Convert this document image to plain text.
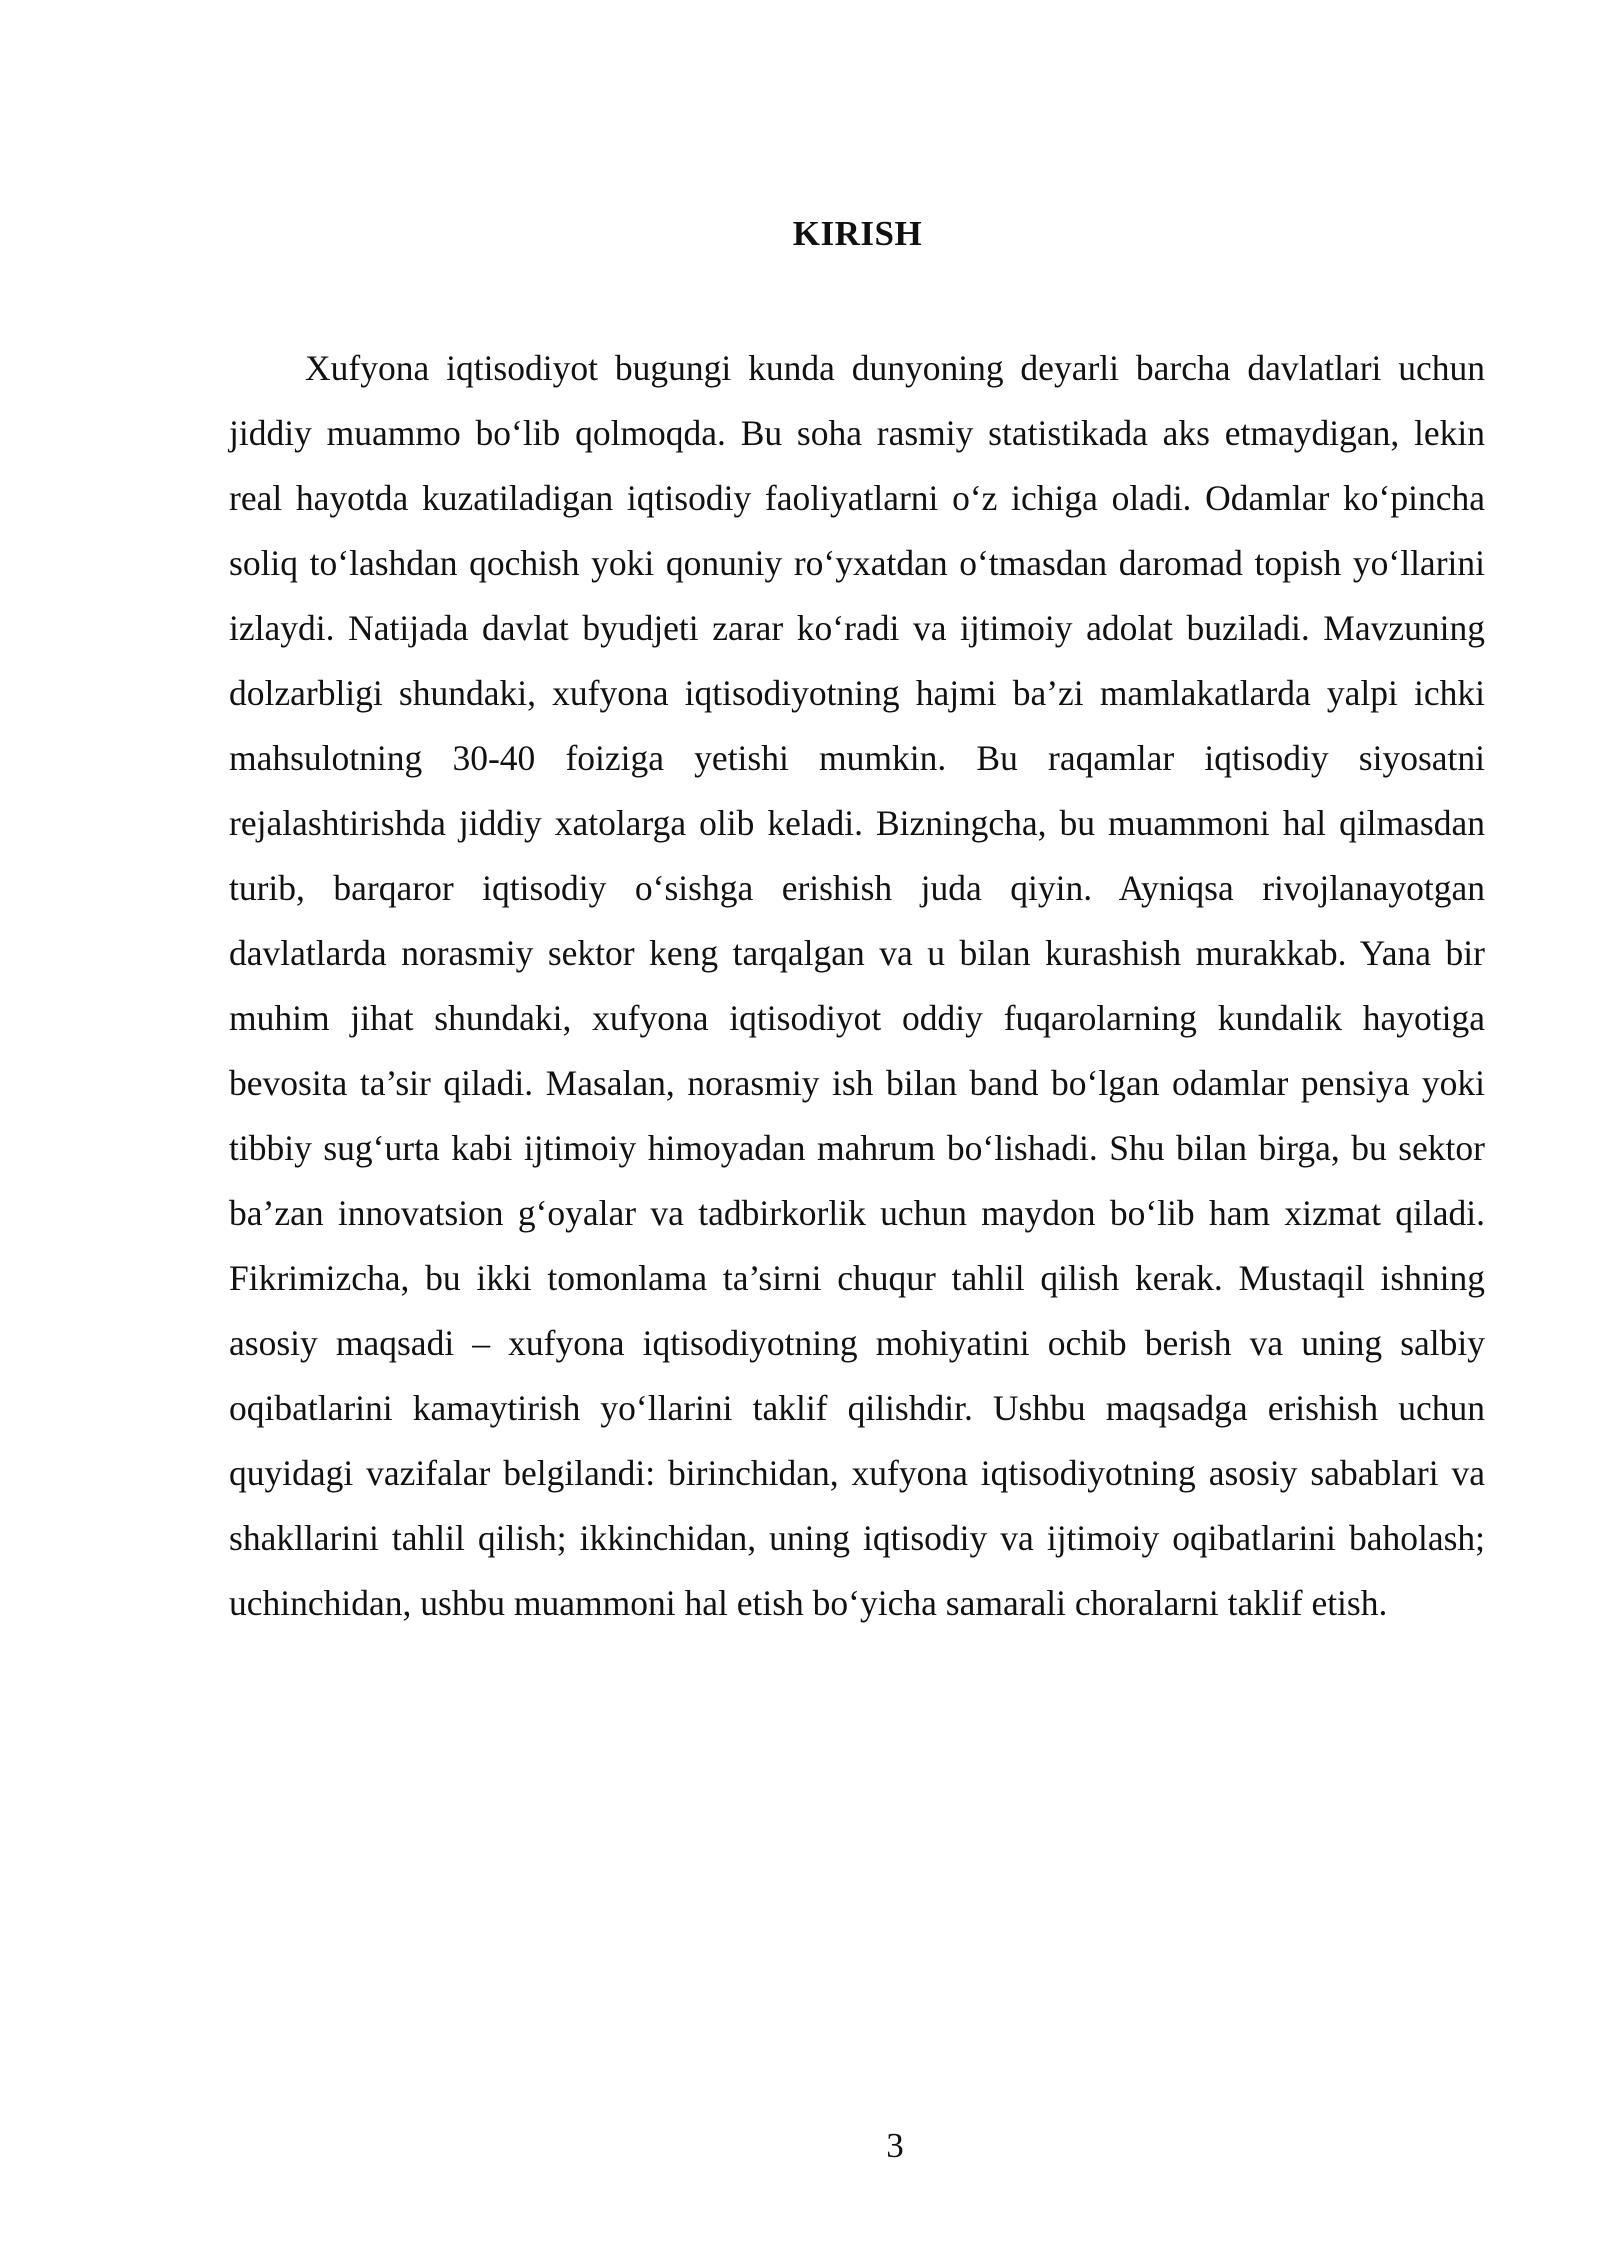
KIRISH

Xufyona iqtisodiyot bugungi kunda dunyoning deyarli barcha davlatlari uchun jiddiy muammo bo‘lib qolmoqda. Bu soha rasmiy statistikada aks etmaydigan, lekin real hayotda kuzatiladigan iqtisodiy faoliyatlarni o‘z ichiga oladi. Odamlar ko‘pincha soliq to‘lashdan qochish yoki qonuniy ro‘yxatdan o‘tmasdan daromad topish yo‘llarini izlaydi. Natijada davlat byudjeti zarar ko‘radi va ijtimoiy adolat buziladi. Mavzuning dolzarbligi shundaki, xufyona iqtisodiyotning hajmi ba’zi mamlakatlarda yalpi ichki mahsulotning 30-40 foiziga yetishi mumkin. Bu raqamlar iqtisodiy siyosatni rejalashtirishda jiddiy xatolarga olib keladi. Bizningcha, bu muammoni hal qilmasdan turib, barqaror iqtisodiy o‘sishga erishish juda qiyin. Ayniqsa rivojlanayotgan davlatlarda norasmiy sektor keng tarqalgan va u bilan kurashish murakkab. Yana bir muhim jihat shundaki, xufyona iqtisodiyot oddiy fuqarolarning kundalik hayotiga bevosita ta’sir qiladi. Masalan, norasmiy ish bilan band bo‘lgan odamlar pensiya yoki tibbiy sug‘urta kabi ijtimoiy himoyadan mahrum bo‘lishadi. Shu bilan birga, bu sektor ba’zan innovatsion g‘oyalar va tadbirkorlik uchun maydon bo‘lib ham xizmat qiladi. Fikrimizcha, bu ikki tomonlama ta’sirni chuqur tahlil qilish kerak. Mustaqil ishning asosiy maqsadi – xufyona iqtisodiyotning mohiyatini ochib berish va uning salbiy oqibatlarini kamaytirish yo‘llarini taklif qilishdir. Ushbu maqsadga erishish uchun quyidagi vazifalar belgilandi: birinchidan, xufyona iqtisodiyotning asosiy sabablari va shakllarini tahlil qilish; ikkinchidan, uning iqtisodiy va ijtimoiy oqibatlarini baholash; uchinchidan, ushbu muammoni hal etish bo‘yicha samarali choralarni taklif etish.

3
